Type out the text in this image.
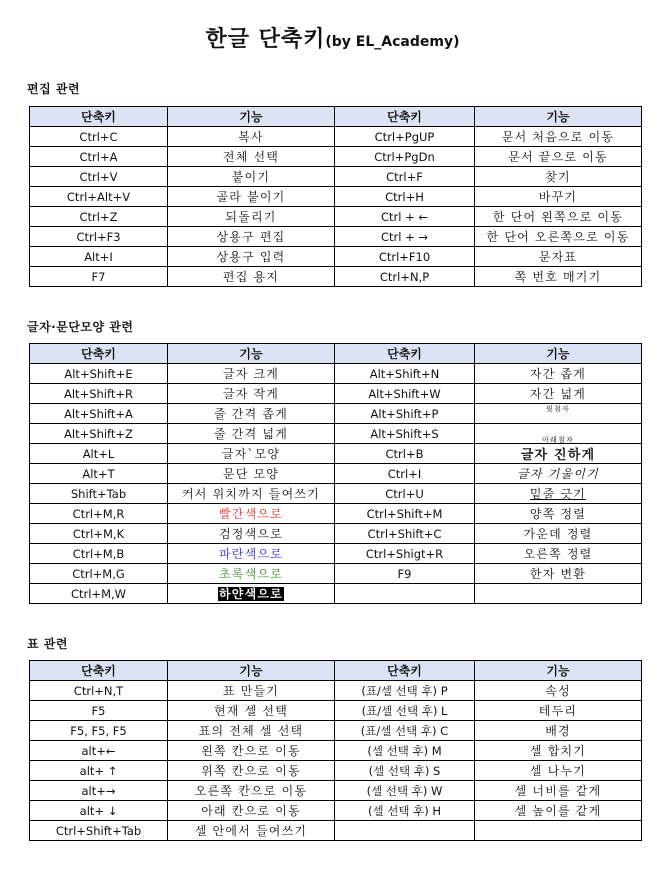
한글 단축키(by EL_Academy)
편집 관련
단축키	기능	단축키	기능
Ctrl+C	복사	Ctrl+PgUP	문서 처음으로 이동
Ctrl+A	전체 선택	Ctrl+PgDn	문서 끝으로 이동
Ctrl+V	붙이기	Ctrl+F	찾기
Ctrl+Alt+V	골라 붙이기	Ctrl+H	바꾸기
Ctrl+Z	되돌리기	Ctrl + ←	한 단어 왼쪽으로 이동
Ctrl+F3	상용구 편집	Ctrl + →	한 단어 오른쪽으로 이동
Alt+I	상용구 입력	Ctrl+F10	문자표
F7	편집 용지	Ctrl+N,P	쪽 번호 매기기
글자·문단모양 관련
단축키	기능	단축키	기능
Alt+Shift+E	글자 크게	Alt+Shift+N	자간 좁게
Alt+Shift+R	글자 작게	Alt+Shift+W	자간 넓게
Alt+Shift+A	줄 간격 좁게	Alt+Shift+P	$^{윗첨자}$
Alt+Shift+Z	줄 간격 넓게	Alt+Shift+S	$_{아래첨자}$
Alt+L	글자`모양	Ctrl+B	글자 진하게
Alt+T	문단 모양	Ctrl+I	글자 기울이기
Shift+Tab	커서 위치까지 들여쓰기	Ctrl+U	밑줄 긋기
Ctrl+M,R	빨간색으로	Ctrl+Shift+M	양쪽 정렬
Ctrl+M,K	검정색으로	Ctrl+Shift+C	가운데 정렬
Ctrl+M,B	파란색으로	Ctrl+Shigt+R	오른쪽 정렬
Ctrl+M,G	초록색으로	F9	한자 변환
Ctrl+M,W	하얀색으로		
표 관련
단축키	기능	단축키	기능
Ctrl+N,T	표 만들기	(표/셀 선택 후) P	속성
F5	현재 셀 선택	(표/셀 선택 후) L	테두리
F5, F5, F5	표의 전체 셀 선택	(표/셀 선택 후) C	배경
alt+←	왼쪽 칸으로 이동	(셀 선택 후) M	셀 합치기
alt+ ↑	위쪽 칸으로 이동	(셀 선택 후) S	셀 나누기
alt+→	오른쪽 칸으로 이동	(셀 선택 후) W	셀 너비를 같게
alt+ ↓	아래 칸으로 이동	(셀 선택 후) H	셀 높이를 같게
Ctrl+Shift+Tab	셀 안에서 들여쓰기		
